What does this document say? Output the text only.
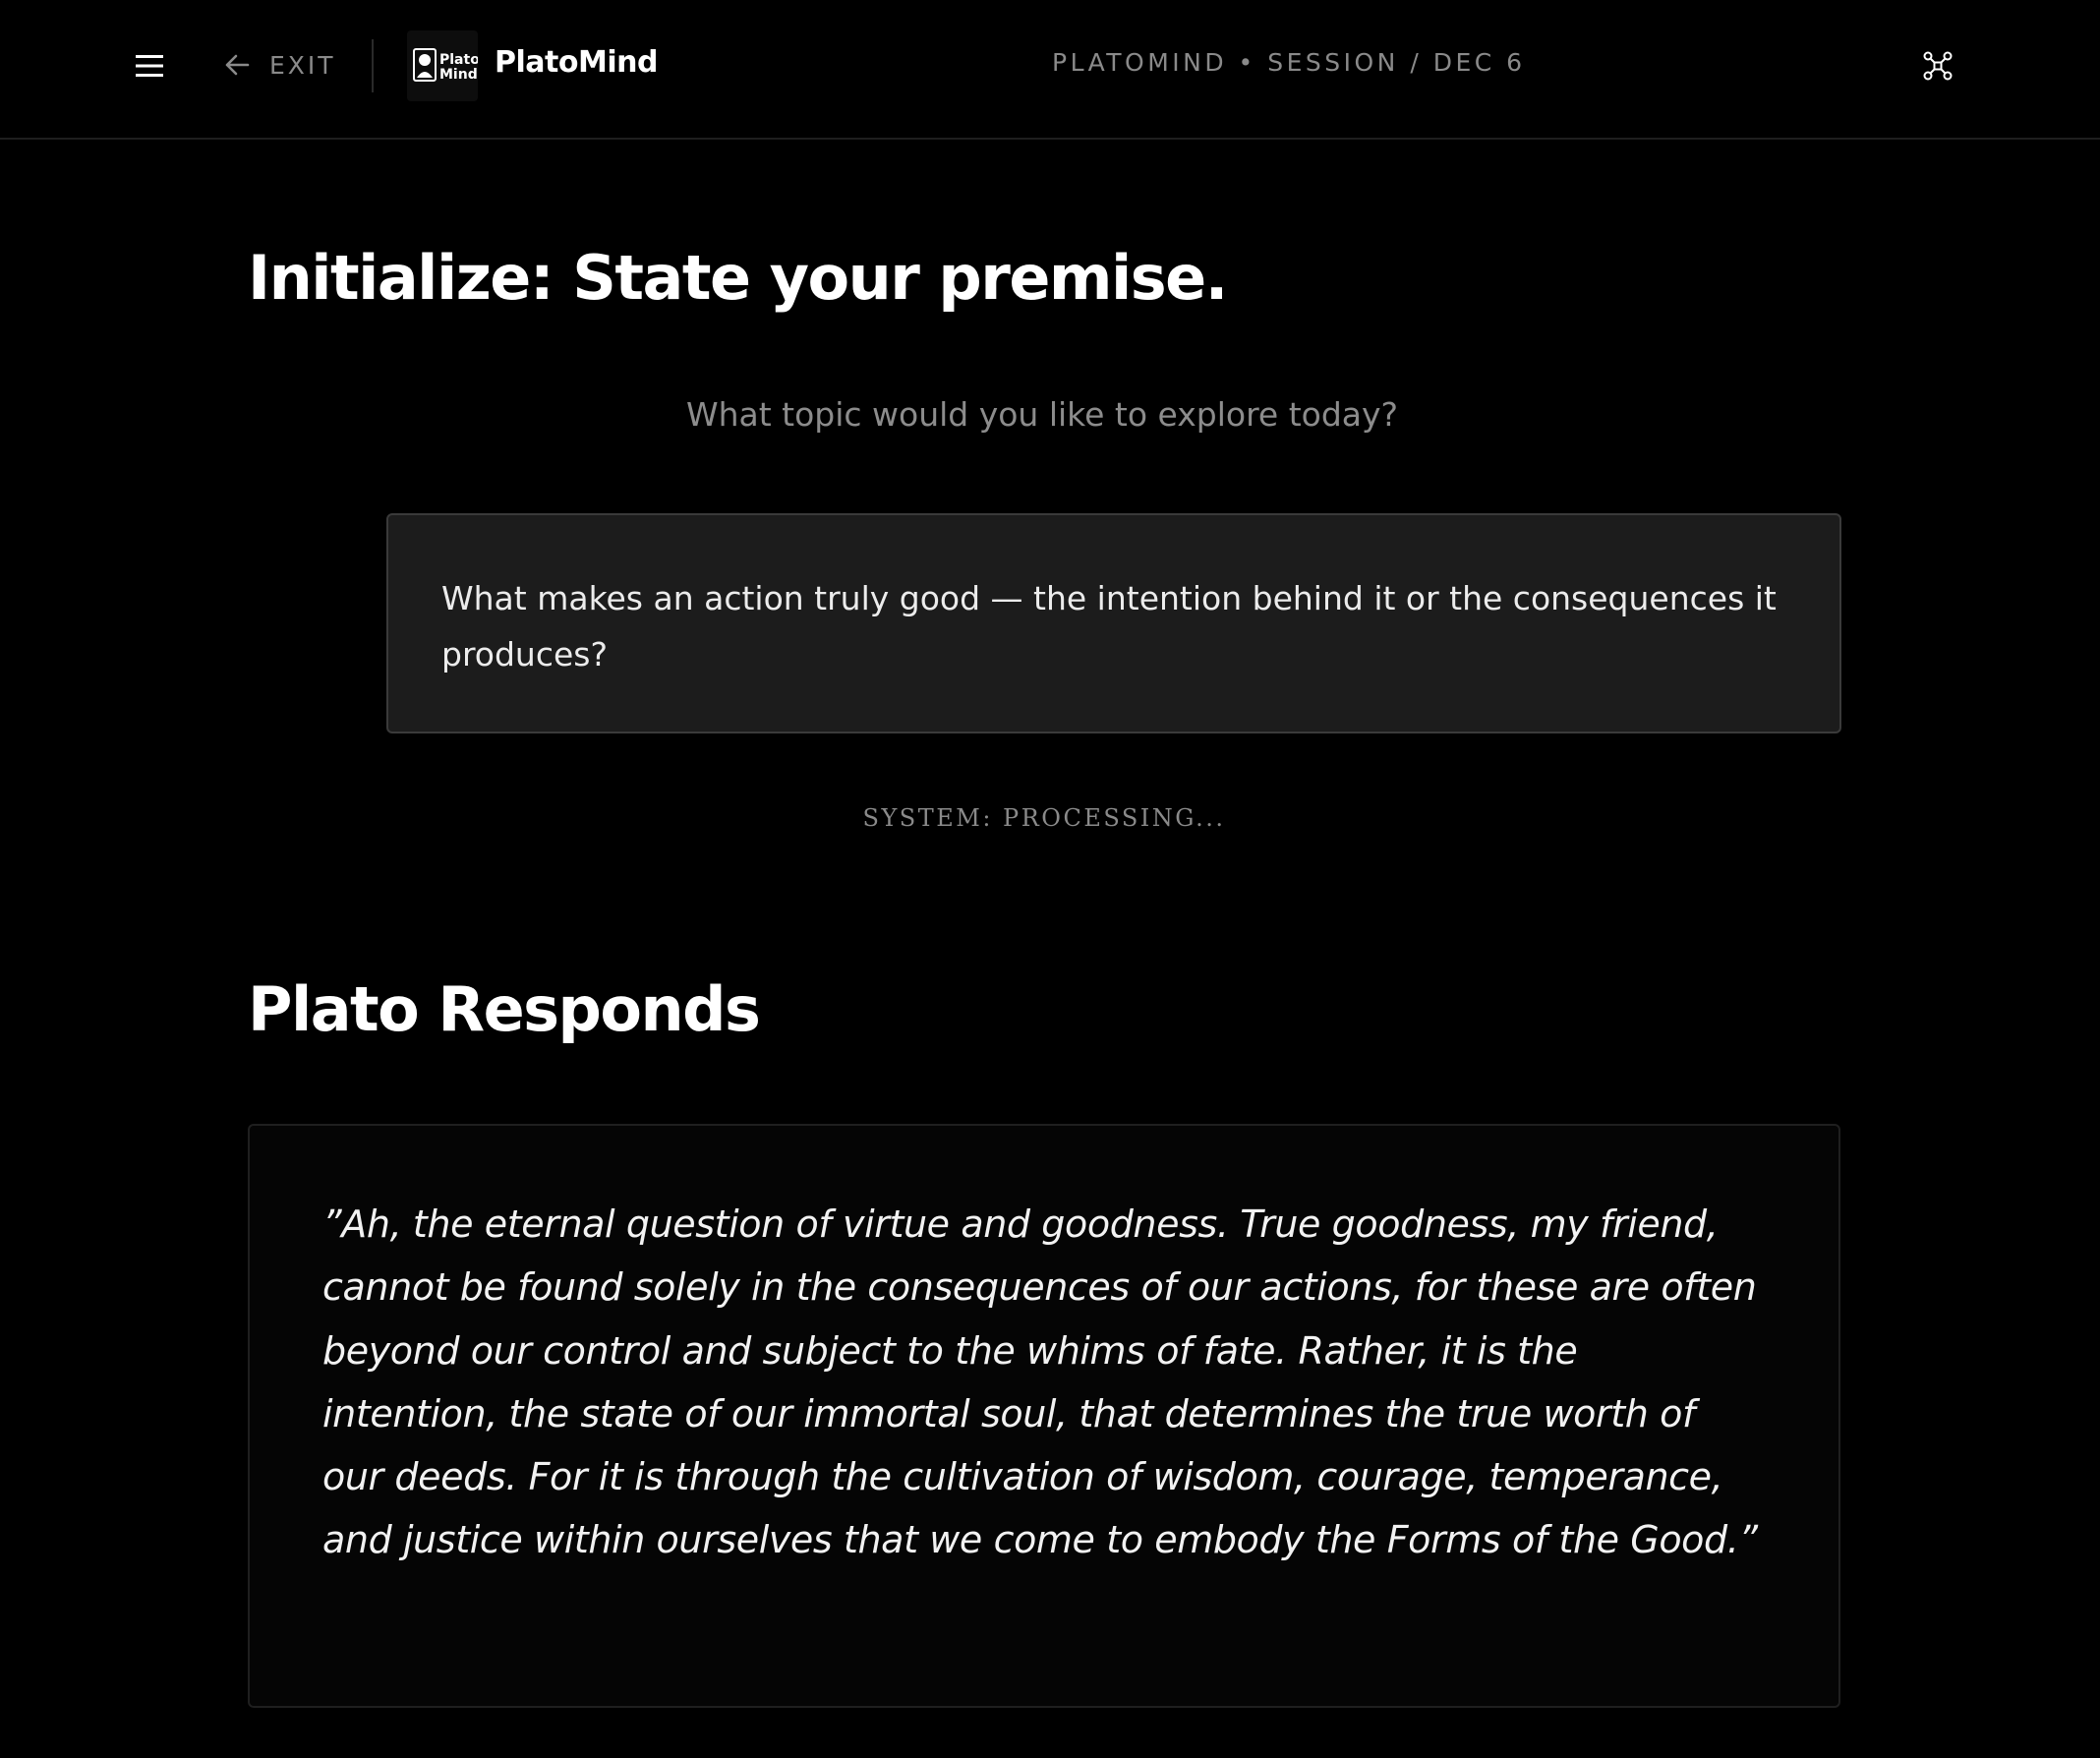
EXIT	Plato
Mind PlatoMind	PLATOMIND • SESSION / DEC 6
Initialize: State your premise.
What topic would you like to explore today?
What makes an action truly good — the intention behind it or the consequences it produces?
SYSTEM: PROCESSING...
Plato Responds
”Ah, the eternal question of virtue and goodness. True goodness, my friend, cannot be found solely in the consequences of our actions, for these are often beyond our control and subject to the whims of fate. Rather, it is the intention, the state of our immortal soul, that determines the true worth of our deeds. For it is through the cultivation of wisdom, courage, temperance, and justice within ourselves that we come to embody the Forms of the Good.”
